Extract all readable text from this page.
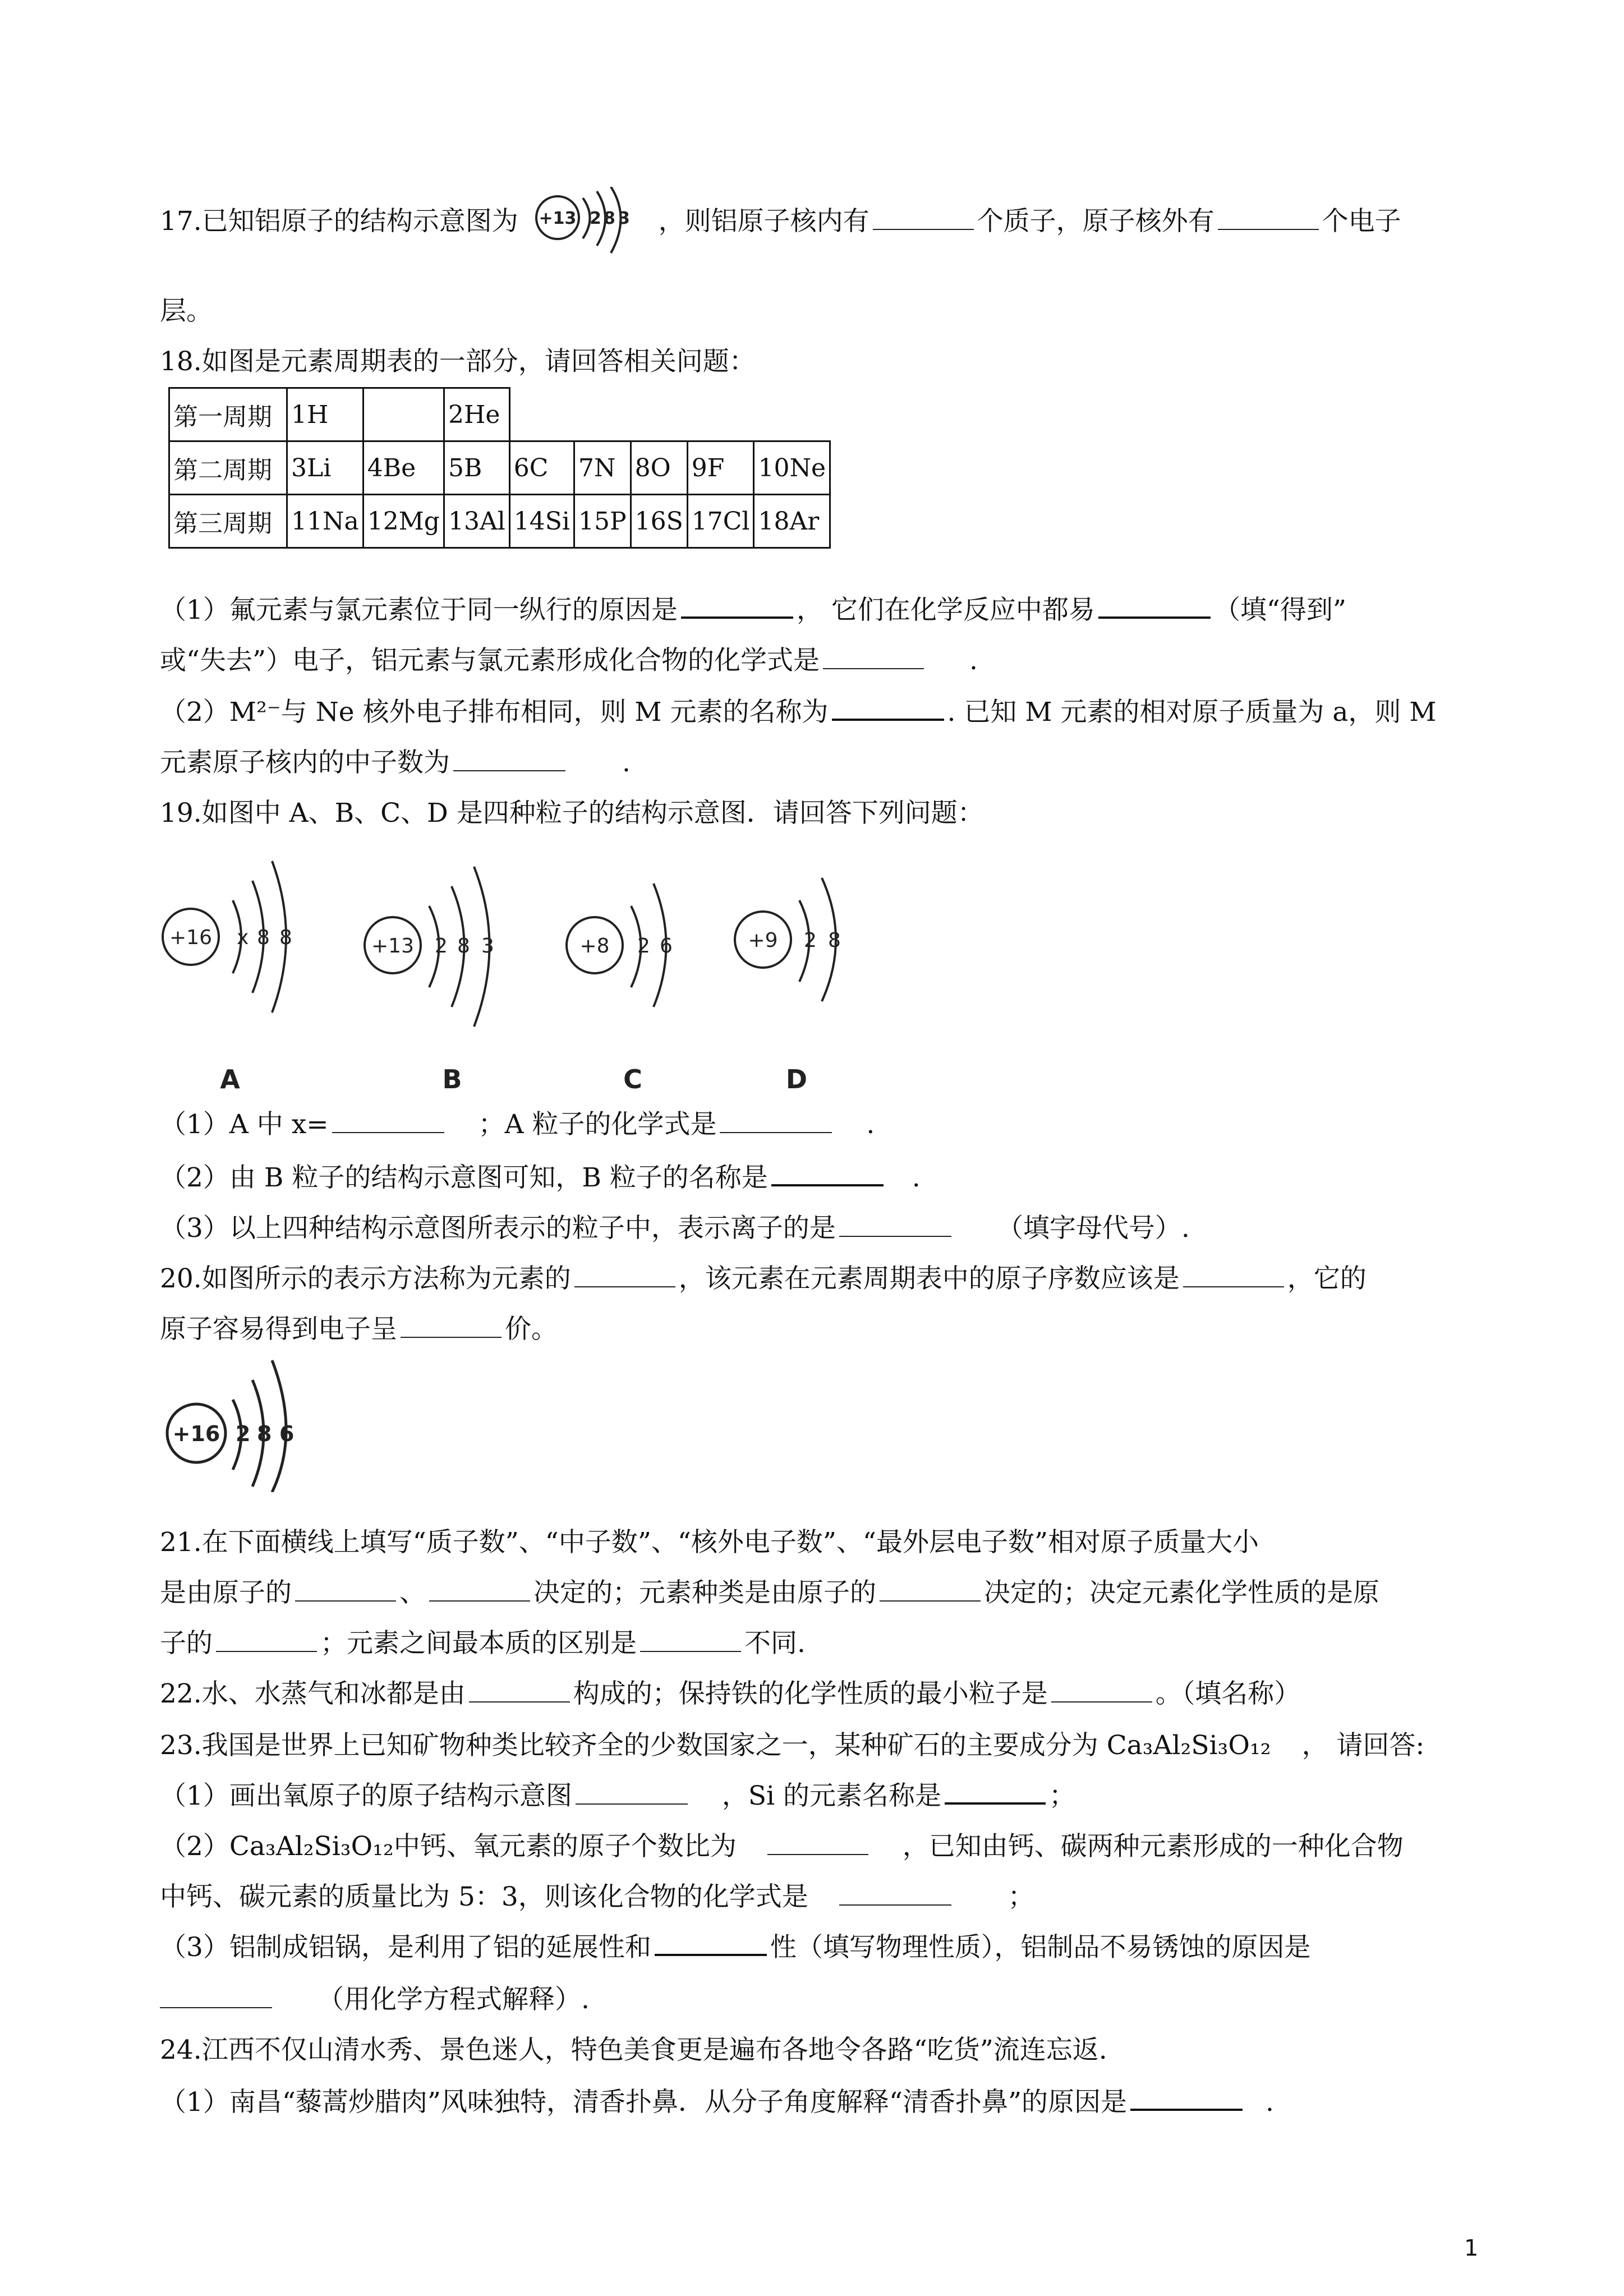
17.已知铝原子的结构示意图为 +13 2 8 3 ，则铝原子核内有	个质子，原子核外有	个电子
层。
18.如图是元素周期表的一部分，请回答相关问题：
第一周期	1H		2He					
第二周期	3Li	4Be	5B	6C	7N	8O	9F	10Ne
第三周期	11Na	12Mg	13Al	14Si	15P	16S	17Cl	18Ar
（1）氟元素与氯元素位于同一纵行的原因是	， 它们在化学反应中都易	（填“得到”
或“失去”）电子，铝元素与氯元素形成化合物的化学式是	.
（2）M²⁻与 Ne 核外电子排布相同，则 M 元素的名称为	. 已知 M 元素的相对原子质量为 a，则 M
元素原子核内的中子数为	.
19.如图中 A、B、C、D 是四种粒子的结构示意图．请回答下列问题：
+16 x 8 8
A
+13 2 8 3
B
+8 2 6
C
+9 2 8
D
（1）A 中 x=	；A 粒子的化学式是	.
（2）由 B 粒子的结构示意图可知，B 粒子的名称是	.
（3）以上四种结构示意图所表示的粒子中，表示离子的是	（填字母代号）.
20.如图所示的表示方法称为元素的	，该元素在元素周期表中的原子序数应该是	，它的
原子容易得到电子呈	价。
+16 2 8 6
21.在下面横线上填写“质子数”、“中子数”、“核外电子数”、“最外层电子数”相对原子质量大小
是由原子的	、	决定的；元素种类是由原子的	决定的；决定元素化学性质的是原
子的	；元素之间最本质的区别是	不同.
22.水、水蒸气和冰都是由	构成的；保持铁的化学性质的最小粒子是	。（填名称）
23.我国是世界上已知矿物种类比较齐全的少数国家之一，某种矿石的主要成分为 Ca₃Al₂Si₃O₁₂ ， 请回答:
（1）画出氧原子的原子结构示意图	，Si 的元素名称是	；
（2）Ca₃Al₂Si₃O₁₂中钙、氧元素的原子个数比为	，已知由钙、碳两种元素形成的一种化合物
中钙、碳元素的质量比为 5：3，则该化合物的化学式是	；
（3）铝制成铝锅，是利用了铝的延展性和	性（填写物理性质），铝制品不易锈蚀的原因是
（用化学方程式解释）.
24.江西不仅山清水秀、景色迷人，特色美食更是遍布各地令各路“吃货”流连忘返.
（1）南昌“藜蒿炒腊肉”风味独特，清香扑鼻．从分子角度解释“清香扑鼻”的原因是	.
1
